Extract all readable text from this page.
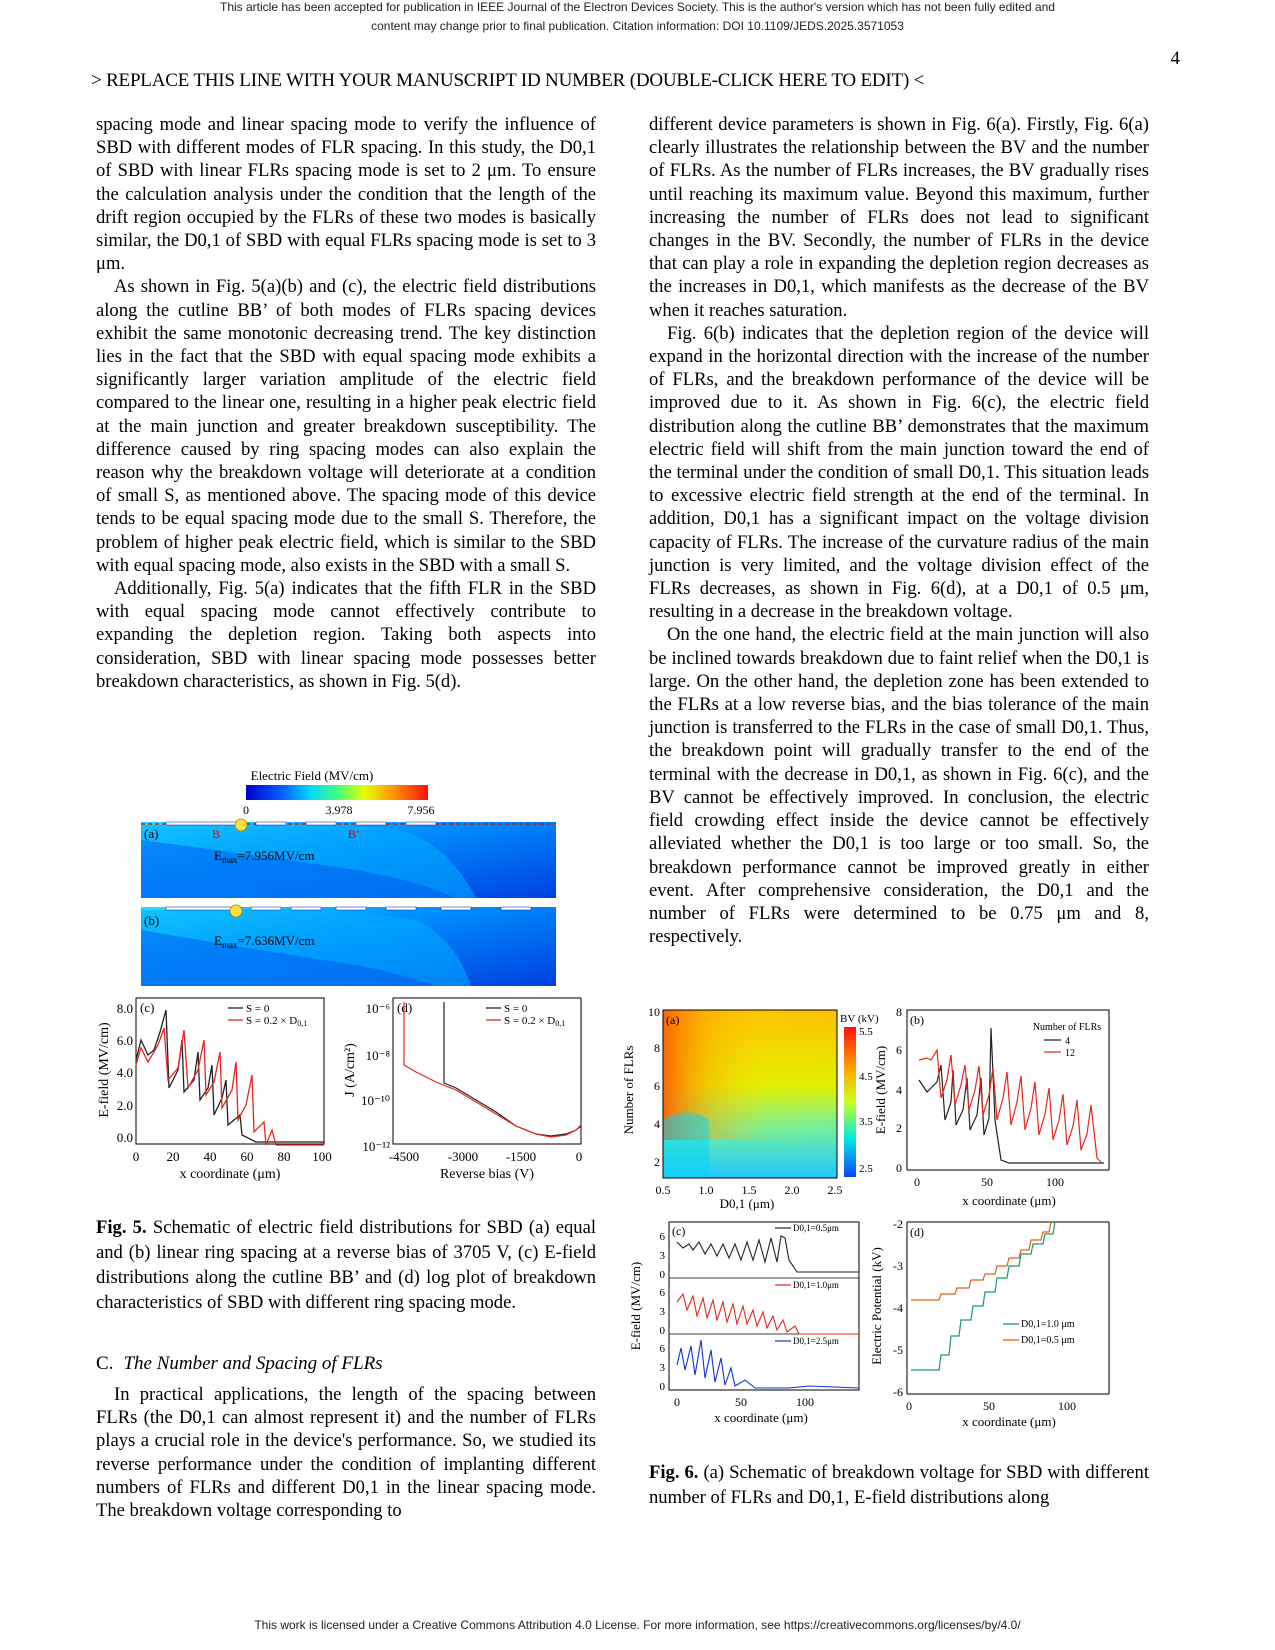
This article has been accepted for publication in IEEE Journal of the Electron Devices Society. This is the author's version which has not been fully edited and
content may change prior to final publication. Citation information: DOI 10.1109/JEDS.2025.3571053
4
> REPLACE THIS LINE WITH YOUR MANUSCRIPT ID NUMBER (DOUBLE-CLICK HERE TO EDIT) <

spacing mode and linear spacing mode to verify the influence of SBD with different modes of FLR spacing. In this study, the D0,1 of SBD with linear FLRs spacing mode is set to 2 μm. To ensure the calculation analysis under the condition that the length of the drift region occupied by the FLRs of these two modes is basically similar, the D0,1 of SBD with equal FLRs spacing mode is set to 3 μm.

As shown in Fig. 5(a)(b) and (c), the electric field distributions along the cutline BB’ of both modes of FLRs spacing devices exhibit the same monotonic decreasing trend. The key distinction lies in the fact that the SBD with equal spacing mode exhibits a significantly larger variation amplitude of the electric field compared to the linear one, resulting in a higher peak electric field at the main junction and greater breakdown susceptibility. The difference caused by ring spacing modes can also explain the reason why the breakdown voltage will deteriorate at a condition of small S, as mentioned above. The spacing mode of this device tends to be equal spacing mode due to the small S. Therefore, the problem of higher peak electric field, which is similar to the SBD with equal spacing mode, also exists in the SBD with a small S.

Additionally, Fig. 5(a) indicates that the fifth FLR in the SBD with equal spacing mode cannot effectively contribute to expanding the depletion region. Taking both aspects into consideration, SBD with linear spacing mode possesses better breakdown characteristics, as shown in Fig. 5(d).

Electric Field (MV/cm)
0	3.978	7.956
(a)	B	B’
$E_{max}=7.956MV/cm$
(b)
$E_{max}=7.636MV/cm$
(c)
E-field (MV/cm)
x coordinate (μm)
8.0
6.0
4.0
2.0
0.0
0 20 40 60 80 100
S = 0
S = 0.2 × D0,1
(d)
J (A/cm²)
Reverse bias (V)
10⁻⁶
10⁻⁸
10⁻¹⁰
10⁻¹²
-4500 -3000 -1500	0
S = 0
S = 0.2 × D0,1
Fig. 5. Schematic of electric field distributions for SBD (a) equal and (b) linear ring spacing at a reverse bias of 3705 V, (c) E-field distributions along the cutline BB’ and (d) log plot of breakdown characteristics of SBD with different ring spacing mode.
C. The Number and Spacing of FLRs

In practical applications, the length of the spacing between FLRs (the D0,1 can almost represent it) and the number of FLRs plays a crucial role in the device's performance. So, we studied its reverse performance under the condition of implanting different numbers of FLRs and different D0,1 in the linear spacing mode. The breakdown voltage corresponding to

different device parameters is shown in Fig. 6(a). Firstly, Fig. 6(a) clearly illustrates the relationship between the BV and the number of FLRs. As the number of FLRs increases, the BV gradually rises until reaching its maximum value. Beyond this maximum, further increasing the number of FLRs does not lead to significant changes in the BV. Secondly, the number of FLRs in the device that can play a role in expanding the depletion region decreases as the increases in D0,1, which manifests as the decrease of the BV when it reaches saturation.

Fig. 6(b) indicates that the depletion region of the device will expand in the horizontal direction with the increase of the number of FLRs, and the breakdown performance of the device will be improved due to it. As shown in Fig. 6(c), the electric field distribution along the cutline BB’ demonstrates that the maximum electric field will shift from the main junction toward the end of the terminal under the condition of small D0,1. This situation leads to excessive electric field strength at the end of the terminal. In addition, D0,1 has a significant impact on the voltage division capacity of FLRs. The increase of the curvature radius of the main junction is very limited, and the voltage division effect of the FLRs decreases, as shown in Fig. 6(d), at a D0,1 of 0.5 μm, resulting in a decrease in the breakdown voltage.

On the one hand, the electric field at the main junction will also be inclined towards breakdown due to faint relief when the D0,1 is large. On the other hand, the depletion zone has been extended to the FLRs at a low reverse bias, and the bias tolerance of the main junction is transferred to the FLRs in the case of small D0,1. Thus, the breakdown point will gradually transfer to the end of the terminal with the decrease in D0,1, as shown in Fig. 6(c), and the BV cannot be effectively improved. In conclusion, the electric field crowding effect inside the device cannot be effectively alleviated whether the D0,1 is too large or too small. So, the breakdown performance cannot be improved greatly in either event. After comprehensive consideration, the D0,1 and the number of FLRs were determined to be 0.75 μm and 8, respectively.

(a)
Number of FLRs
D0,1 (μm)
10
8
6
4
2
0.5 1.0 1.5 2.0 2.5
BV (kV)
5.5
4.5
3.5
2.5
(b)
E-field (MV/cm)
x coordinate (μm)
8
6
4
2
0
0	50	100
Number of FLRs
4
12
(c)
E-field (MV/cm)
x coordinate (μm)
6
3
0
6
3
0
6
3
0
0	50	100
D0,1=0.5μm
D0,1=1.0μm
D0,1=2.5μm
(d)
Electric Potential (kV)
x coordinate (μm)
-2
-3
-4
-5
-6
0	50	100
D0,1=1.0 μm
D0,1=0.5 μm
Fig. 6. (a) Schematic of breakdown voltage for SBD with different number of FLRs and D0,1, E-field distributions along
This work is licensed under a Creative Commons Attribution 4.0 License. For more information, see https://creativecommons.org/licenses/by/4.0/
